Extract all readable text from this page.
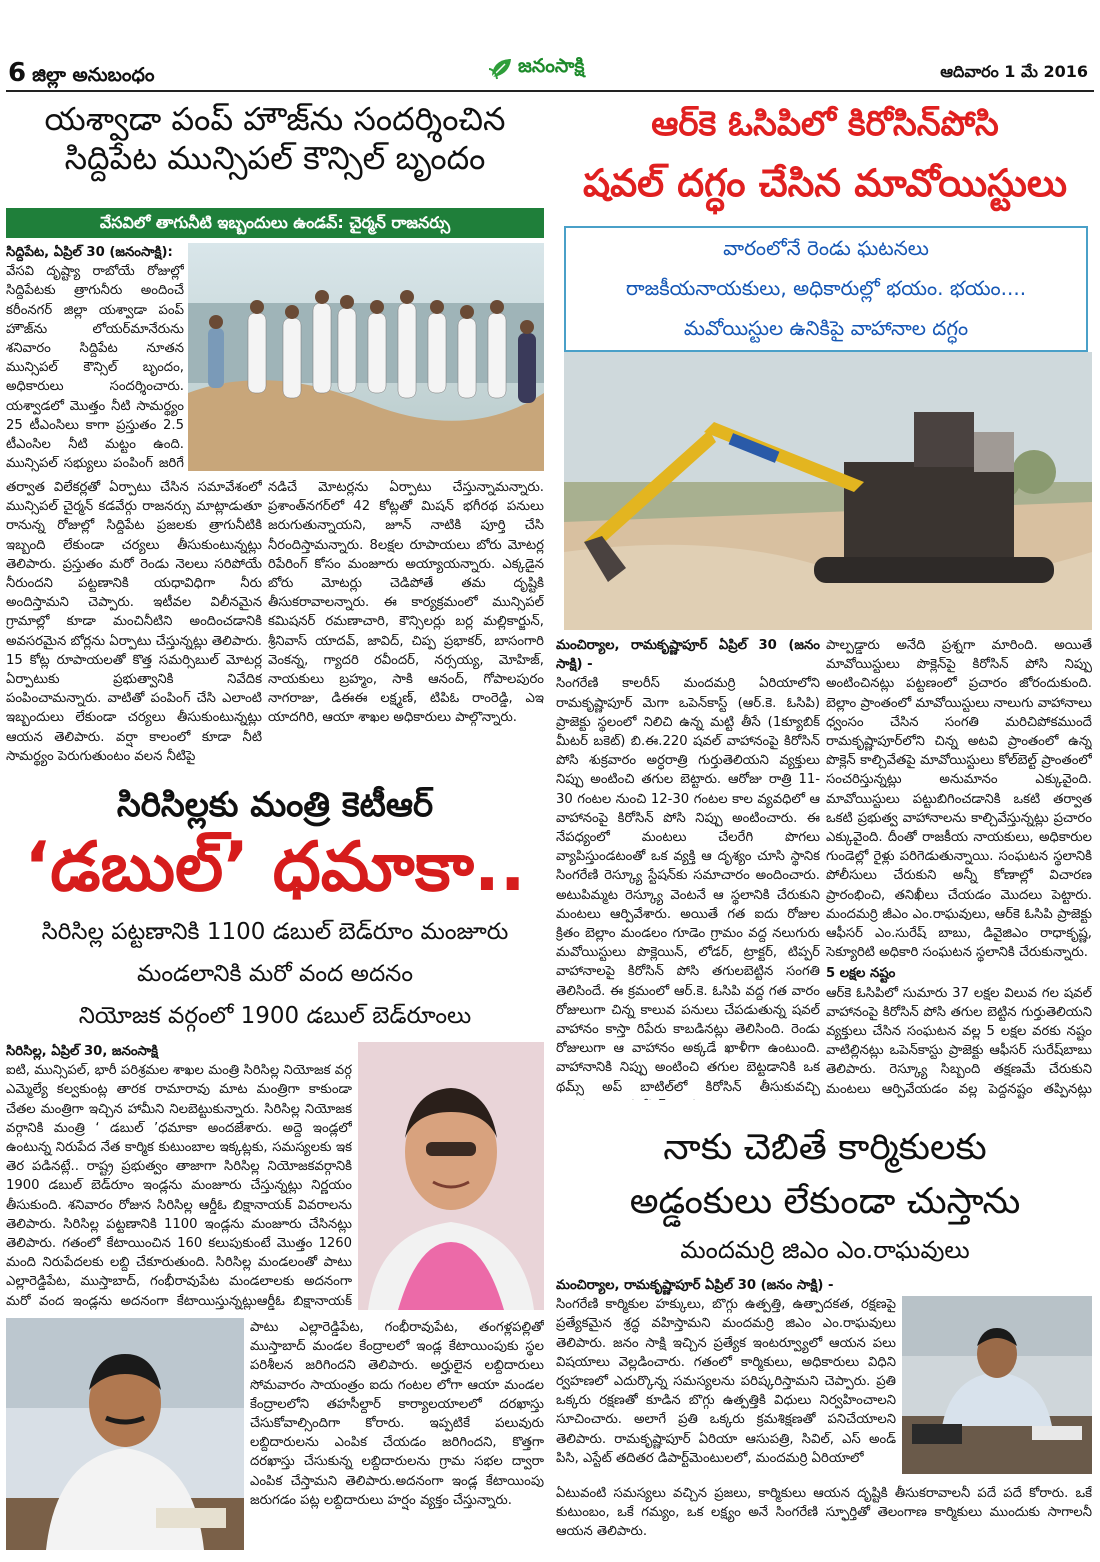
6 జిల్లా అనుబంధం	జనంసాక్షి	ఆదివారం 1 మే 2016
యశ్వాడా పంప్ హౌజ్‌ను సందర్శించిన
సిద్దిపేట మున్సిపల్ కౌన్సిల్ బృందం
వేసవిలో తాగునీటి ఇబ్బందులు ఉండవ్: చైర్మన్ రాజనర్సు

సిద్దిపేట, ఏప్రిల్ 30 (జనంసాక్షి):

వేసవి దృష్ట్యా రాబోయే రోజుల్లో సిద్దిపేటకు త్రాగునీరు అందించే కరీంనగర్ జిల్లా యశ్వాడా పంప్ హౌజ్‌ను లోయర్‌మానేరును శనివారం సిద్దిపేట నూతన మున్సిపల్ కౌన్సిల్ బృందం, అధికారులు సందర్శించారు. యశ్వాడలో మొత్తం నీటి సామర్థ్యం 25 టీఎంసిలు కాగా ప్రస్తుతం 2.5 టీఎంసిల నీటి మట్టం ఉంది. మున్సిపల్ సభ్యులు పంపింగ్ జరిగే

తర్వాత విలేకర్లతో ఏర్పాటు చేసిన సమావేశంలో మున్సిపల్ చైర్మన్ కడవేర్గు రాజనర్సు మాట్లాడుతూ రానున్న రోజుల్లో సిద్దిపేట ప్రజలకు త్రాగునీటికి ఇబ్బంది లేకుండా చర్యలు తీసుకుంటున్నట్లు తెలిపారు. ప్రస్తుతం మరో రెండు నెలలు సరిపోయే నీరుందని పట్టణానికి యధావిధిగా నీరు అందిస్తామని చెప్పారు. ఇటీవల విలీనమైన గ్రామాల్లో కూడా మంచినీటిని అందించడానికి అవసరమైన బోర్లను ఏర్పాటు చేస్తున్నట్లు తెలిపారు. 15 కోట్ల రూపాయలతో కొత్త సమర్సిబుల్ మోటర్ల ఏర్పాటుకు ప్రభుత్వానికి నివేదిక పంపించామన్నారు. వాటితో పంపింగ్ చేసి ఎలాంటి ఇబ్బందులు లేకుండా చర్యలు తీసుకుంటున్నట్లు ఆయన తెలిపారు. వర్షా కాలంలో కూడా నీటి సామర్థ్యం పెరుగుతుంటం వలన నీటిపై
నడిచే మోటర్లను ఏర్పాటు చేస్తున్నామన్నారు. ప్రశాంత్‌నగర్‌లో 42 కోట్లతో మిషన్ భగీరథ పనులు జరుగుతున్నాయని, జూన్ నాటికి పూర్తి చేసి నీరందిస్తామన్నారు. 8లక్షల రూపాయలు బోరు మోటర్ల రిపేరింగ్ కోసం మంజూరు అయ్యాయన్నారు. ఎక్కడైన బోరు మోటర్లు చెడిపోతే తమ దృష్టికి తీసుకరావాలన్నారు. ఈ కార్యక్రమంలో మున్సిపల్ కమిషనర్ రమణాచారి, కౌన్సిలర్లు బర్ల మల్లికార్జున్, శ్రీనివాస్ యాదవ్, జావిద్, చిప్ప ప్రభాకర్, బాసంగారి వెంకన్న, గ్యాదరి రవీందర్, నర్సయ్య, మోహిజ్, నాయకులు బ్రహ్మం, సాకి ఆనంద్, గోపాలపురం నాగరాజు, డిఈఈ లక్ష్మణ్, టిపిఓ రాంరెడ్డి, ఎఇ యాదగిరి, ఆయా శాఖల అధికారులు పాల్గొన్నారు.
సిరిసిల్లకు మంత్రి కెటీఆర్
‘డబుల్’ ధమాకా..
సిరిసిల్ల పట్టణానికి 1100 డబుల్ బెడ్‌రూం మంజూరు
మండలానికి మరో వంద అదనం
నియోజక వర్గంలో 1900 డబుల్ బెడ్‌రూంలు

సిరిసిల్ల, ఏప్రిల్ 30, జనంసాక్షి

ఐటి, మున్సిపల్, భారీ పరిశ్రమల శాఖల మంత్రి సిరిసిల్ల నియోజక వర్గ ఎమ్మెల్యే కల్వకుంట్ల తారక రామారావు మాట మంత్రిగా కాకుండా చేతల మంత్రిగా ఇచ్చిన హామీని నిలబెట్టుకున్నారు. సిరిసిల్ల నియోజక వర్గానికి మంత్రి ‘ డబుల్ ’ధమాకా అందజేశారు. అద్దె ఇండ్లలో ఉంటున్న నిరుపేద నేత కార్మిక కుటుంబాల ఇక్కట్లకు, సమస్యలకు ఇక తెర పడినట్లే.. రాష్ట్ర ప్రభుత్వం తాజాగా సిరిసిల్ల నియోజకవర్గానికి 1900 డబుల్ బెడ్‌రూం ఇండ్లను మంజూరు చేస్తున్నట్లు నిర్ణయం తీసుకుంది. శనివారం రోజున సిరిసిల్ల ఆర్డీఓ బిక్షానాయక్ వివరాలను తెలిపారు. సిరిసిల్ల పట్టణానికి 1100 ఇండ్లను మంజూరు చేసినట్లు తెలిపారు. గతంలో కేటాయించిన 160 కలుపుకుంటే మొత్తం 1260 మంది నిరుపేదలకు లబ్ది చేకూరుతుంది. సిరిసిల్ల మండలంతో పాటు ఎల్లారెడ్డిపేట, ముస్తాబాద్, గంభీరావుపేట మండలాలకు అదనంగా మరో వంద ఇండ్లను అదనంగా కేటాయిస్తున్నట్లుఆర్డీఓ బిక్షానాయక్

పాటు ఎల్లారెడ్డిపేట, గంభీరావుపేట, తంగళ్లపల్లితో ముస్తాబాద్ మండల కేంద్రాలలో ఇండ్ల కేటాయింపుకు స్థల పరిశీలన జరిగిందని తెలిపారు. అర్హులైన లబ్దిదారులు సోమవారం సాయంత్రం ఐదు గంటల లోగా ఆయా మండల కేంద్రాలలోని తహసీల్దార్ కార్యాలయాలలో దరఖాస్తు చేసుకోవాల్సిందిగా కోరారు. ఇప్పటికే పలువురు లబ్దిదారులను ఎంపిక చేయడం జరిగిందని, కొత్తగా దరఖాస్తు చేసుకున్న లబ్దిదారులను గ్రామ సభల ద్వారా ఎంపిక చేస్తామని తెలిపారు.అదనంగా ఇండ్ల కేటాయింపు జరుగడం పట్ల లబ్దిదారులు హర్షం వ్యక్తం చేస్తున్నారు.
ఆర్‌కె ఓసిపిలో కిరోసిన్‌పోసి
షవల్ దగ్ధం చేసిన మావోయిస్టులు
వారంలోనే రెండు ఘటనలు
రాజకీయనాయకులు, అధికారుల్లో భయం. భయం....
మవోయిస్టుల ఉనికిపై వాహానాల దగ్ధం

మంచిర్యాల, రామకృష్ణాపూర్ ఏప్రిల్ 30 (జనం సాక్షి) -

సింగరేణి కాలరీస్ మందమర్రి ఏరియాలోని రామకృష్ణాపూర్ మెగా ఒపెన్‌కాస్ట్ (ఆర్.కె. ఓసిపి) ప్రాజెక్టు స్థలంలో నిలిచి ఉన్న మట్టి తీసే (1క్యూబిక్ మీటర్ బకెట్) బి.ఈ.220 షవల్ వాహానంపై కిరోసిన్ పోసి శుక్రవారం అర్ధరాత్రి గుర్తుతెలియని వ్యక్తులు నిప్పు అంటించి తగుల బెట్టారు. ఆరోజు రాత్రి 11-30 గంటల నుంచి 12-30 గంటల కాల వ్యవధిలో ఆ వాహానంపై కిరోసిన్ పోసి నిప్పు అంటించారు. ఈ నేపధ్యంలో మంటలు చేలరేగి పొగలు వ్యాపిస్తుండటంతో ఒక వ్యక్తి ఆ దృశ్యం చూసి స్థానిక సింగరేణి రెస్క్యూ స్టేషన్‌కు సమాచారం అందించారు. అటుపిమ్మట రెస్క్యూ వెంటనే ఆ స్థలానికి చేరుకుని మంటలు ఆర్పివేశారు. అయితే గత ఐదు రోజుల క్రితం బెల్లాం మండలం గూడెం గ్రామం వద్ద నలుగురు మవోయిస్టులు పొక్లెయిన్, లోడర్, ట్రాక్టర్, టిప్పర్ వాహానాలపై కిరోసిన్ పోసి తగులబెట్టిన సంగతి తెలిసిందే. ఈ క్రమంలో ఆర్.కె. ఓసిపి వద్ద గత వారం రోజులుగా చిన్న కాలువ పనులు చేపడుతున్న షవల్ వాహానం కాస్తా రిపేరు కాబడినట్లు తెలిసింది. రెండు రోజులుగా ఆ వాహానం అక్కడే ఖాళీగా ఉంటుంది. వాహానానికి నిప్పు అంటించి తగుల బెట్టడానికి ఒక థమ్స్ అప్ బాటిల్‌లో కిరోసిన్ తీసుకువచ్చి

పాల్పడ్డారు అనేది ప్రశ్నగా మారింది. అయితే మావోయిస్టులు పొక్లెన్‌పై కిరోసిన్ పోసి నిప్పు అంటించినట్లు పట్టణంలో ప్రచారం జోరందుకుంది. బెల్లాం ప్రాంతంలో మావోయిస్టులు నాలుగు వాహానాలు ధ్వంసం చేసిన సంగతి మరిచిపోకముందే రామకృష్ణాపూర్‌లోని చిన్న అటవి ప్రాంతంలో ఉన్న పొక్లెన్ కాల్చివేతపై మావోయిస్టులు కోల్‌బెల్ట్ ప్రాంతంలో సంచరిస్తున్నట్లు అనుమానం ఎక్కువైంది. మావోయిస్టులు పట్టుబిగించడానికి ఒకటి తర్వాత ఒకటి ప్రభుత్వ వాహానాలను కాల్చివేస్తున్నట్లు ప్రచారం ఎక్కువైంది. దీంతో రాజకీయ నాయకులు, అధికారుల గుండెల్లో రైళ్లు పరిగెడుతున్నాయి. సంఘటన స్థలానికి పోలీసులు చేరుకుని అన్నీ కోణాల్లో విచారణ ప్రారంభించి, తనిఖీలు చేయడం మొదలు పెట్టారు. మందమర్రి జీఎం ఎం.రాఘవులు, ఆర్‌కె ఓసిపి ప్రాజెక్టు ఆఫీసర్ ఎం.సురేష్ బాబు, డివైజిఎం రాధాకృష్ణ, సెక్యూరిటి అధికారి సంఘటన స్థలానికి చేరుకున్నారు.

5 లక్షల నష్టం

ఆర్‌కె ఓసిపిలో సుమారు 37 లక్షల విలువ గల షవల్ వాహానంపై కిరోసిన్ పోసి తగుల బెట్టిన గుర్తుతెలియని వ్యక్తులు చేసిన సంఘటన వల్ల 5 లక్షల వరకు నష్టం వాటిల్లినట్లు ఒపెన్‌కాస్టు ప్రాజెక్టు ఆఫీసర్ సురేష్‌బాబు తెలిపారు. రెస్క్యూ సిబ్బంది తక్షణమే చేరుకుని మంటలు ఆర్పివేయడం వల్ల పెద్దనష్టం తప్పినట్లు

నాకు చెబితే కార్మికులకు
అడ్డంకులు లేకుండా చుస్తాను
మందమర్రి జిఎం ఎం.రాఘవులు

మంచిర్యాల, రామకృష్ణాపూర్ ఏప్రిల్ 30 (జనం సాక్షి) -

సింగరేణి కార్మికుల హక్కులు, బొగ్గు ఉత్పత్తి, ఉత్పాదకత, రక్షణపై ప్రత్యేకమైన శ్రద్ధ వహిస్తామని మందమర్రి జిఎం ఎం.రాఘవులు తెలిపారు. జనం సాక్షి ఇచ్చిన ప్రత్యేక ఇంటర్వ్యూలో ఆయన పలు విషయాలు వెల్లడించారు. గతంలో కార్మికులు, అధికారులు విధిని ర్వహణలో ఎదుర్కొన్న సమస్యలను పరిష్కరిస్తామని చెప్పారు. ప్రతి ఒక్కరు రక్షణతో కూడిన బొగ్గు ఉత్పత్తికి విధులు నిర్వహించాలని సూచించారు. అలాగే ప్రతి ఒక్కరు క్రమశిక్షణతో పనిచేయాలని తెలిపారు. రామకృష్ణాపూర్ ఏరియా ఆసుపత్రి, సివిల్, ఎస్ అండ్ పిసి, ఎస్టేట్ తదితర డిపార్ట్‌మెంటులలో, మందమర్రి ఏరియాలో

ఏటువంటి సమస్యలు వచ్చిన ప్రజలు, కార్మికులు ఆయన దృష్టికి తీసుకరావాలనీ పదే పదే కోరారు. ఒకే కుటుంబం, ఒకే గమ్యం, ఒక లక్ష్యం అనే సింగరేణి స్ఫూర్తితో తెలంగాణ కార్మికులు ముందుకు సాగాలనీ ఆయన తెలిపారు.
